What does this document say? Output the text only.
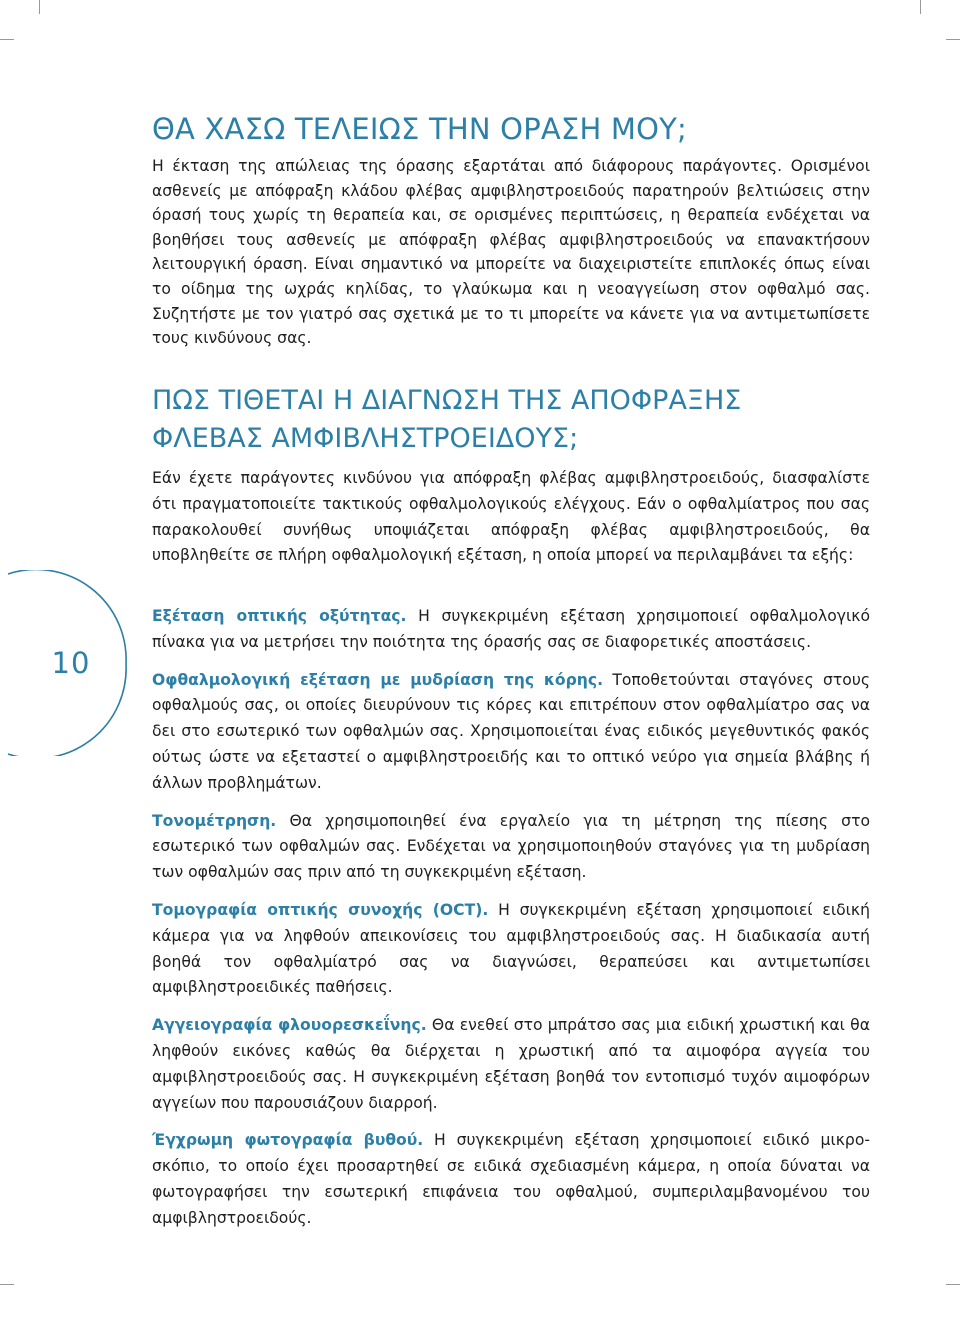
ΘΑ ΧΑΣΩ ΤΕΛΕΙΩΣ ΤΗΝ ΟΡΑΣΗ ΜΟΥ;

Η έκταση της απώλειας της όρασης εξαρτάται από διάφορους παράγοντες. Ορισμένοι ασθενείς με απόφραξη κλάδου φλέβας αμφιβληστροειδούς παρατηρούν βελτιώσεις στην όρασή τους χωρίς τη θεραπεία και, σε ορισμένες περιπτώσεις, η θεραπεία ενδέχεται να βοηθήσει τους ασθενείς με απόφραξη φλέβας αμφιβληστροειδούς να επανακτήσουν λειτουργική όραση. Είναι σημαντικό να μπορείτε να διαχειριστείτε επιπλοκές όπως είναι το οίδημα της ωχράς κηλίδας, το γλαύκωμα και η νεοαγγείωση στον οφθαλμό σας. Συζητήστε με τον γιατρό σας σχετικά με το τι μπορείτε να κάνετε για να αντιμετωπίσετε τους κινδύνους σας.

ΠΩΣ ΤΙΘΕΤΑΙ Η ΔΙΑΓΝΩΣΗ ΤΗΣ ΑΠΟΦΡΑΞΗΣ
ΦΛΕΒΑΣ ΑΜΦΙΒΛΗΣΤΡΟΕΙΔΟΥΣ;

Εάν έχετε παράγοντες κινδύνου για απόφραξη φλέβας αμφιβληστροειδούς, διασφαλίστε ότι πραγματοποιείτε τακτικούς οφθαλμολογικούς ελέγχους. Εάν ο οφθαλμίατρος που σας παρακολουθεί συνήθως υποψιάζεται απόφραξη φλέβας αμφιβληστροειδούς, θα υποβληθείτε σε πλήρη οφθαλμολογική εξέταση, η οποία μπορεί να περιλαμβάνει τα εξής:

Εξέταση οπτικής οξύτητας. Η συγκεκριμένη εξέταση χρησιμοποιεί οφθαλμολογικό πίνακα για να μετρήσει την ποιότητα της όρασής σας σε διαφορετικές αποστάσεις.

Οφθαλμολογική εξέταση με μυδρίαση της κόρης. Τοποθετούνται σταγόνες στους οφθαλμούς σας, οι οποίες διευρύνουν τις κόρες και επιτρέπουν στον οφθαλμίατρο σας να δει στο εσωτερικό των οφθαλμών σας. Χρησιμοποιείται ένας ειδικός μεγεθυντικός φακός ούτως ώστε να εξεταστεί ο αμφιβληστροειδής και το οπτικό νεύρο για σημεία βλάβης ή άλλων προβλημάτων.

Τονομέτρηση. Θα χρησιμοποιηθεί ένα εργαλείο για τη μέτρηση της πίεσης στο εσωτερικό των οφθαλμών σας. Ενδέχεται να χρησιμοποιηθούν σταγόνες για τη μυδρίαση των οφθαλμών σας πριν από τη συγκεκριμένη εξέταση.

Τομογραφία οπτικής συνοχής (OCT). Η συγκεκριμένη εξέταση χρησιμοποιεί ειδική κάμερα για να ληφθούν απεικονίσεις του αμφιβληστροειδούς σας. Η διαδικασία αυτή βοηθά τον οφθαλμίατρό σας να διαγνώσει, θεραπεύσει και αντιμετωπίσει αμφιβληστροειδικές παθήσεις.

Αγγειογραφία φλουορεσκεΐνης. Θα ενεθεί στο μπράτσο σας μια ειδική χρωστική και θα ληφθούν εικόνες καθώς θα διέρχεται η χρωστική από τα αιμοφόρα αγγεία του αμφιβληστροειδούς σας. Η συγκεκριμένη εξέταση βοηθά τον εντοπισμό τυχόν αιμοφόρων αγγείων που παρουσιάζουν διαρροή.

Έγχρωμη φωτογραφία βυθού. Η συγκεκριμένη εξέταση χρησιμοποιεί ειδικό μικροσκόπιο, το οποίο έχει προσαρτηθεί σε ειδικά σχεδιασμένη κάμερα, η οποία δύναται να φωτογραφήσει την εσωτερική επιφάνεια του οφθαλμού, συμπεριλαμβανομένου του αμφιβληστροειδούς.

10
